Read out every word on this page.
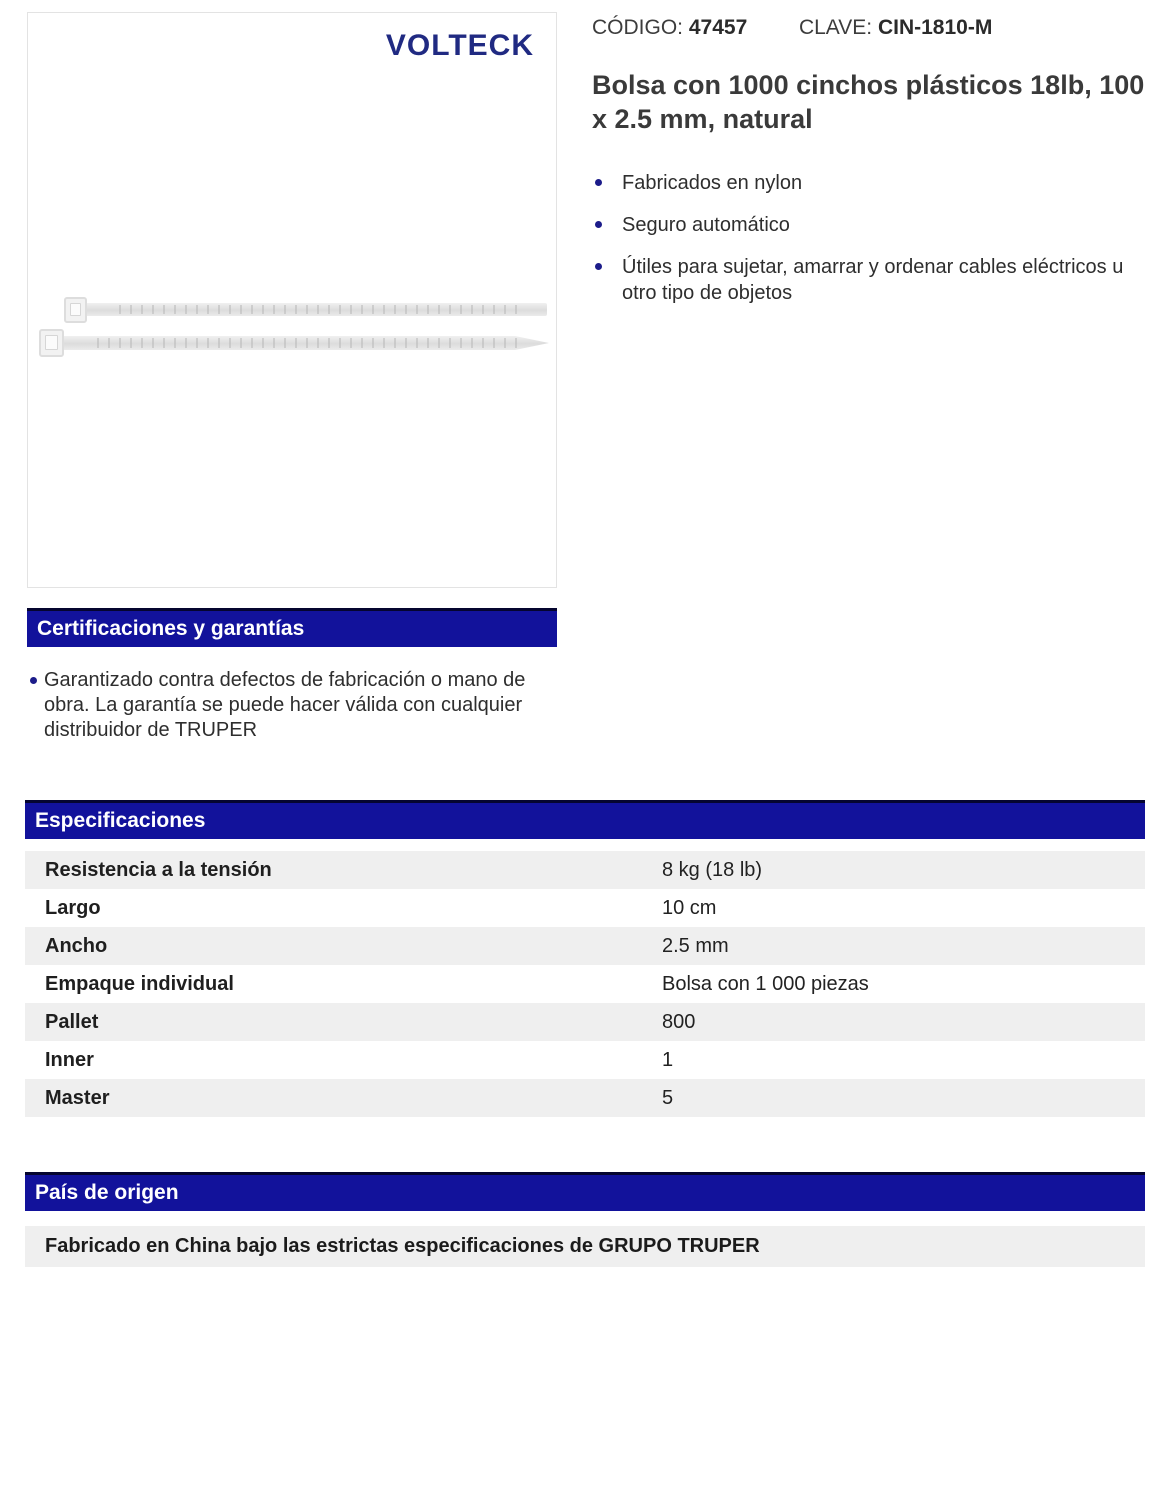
VOLTECK
CÓDIGO: 47457 CLAVE: CIN-1810-M
Bolsa con 1000 cinchos plásticos 18lb, 100 x 2.5 mm, natural
Fabricados en nylon
Seguro automático
Útiles para sujetar, amarrar y ordenar cables eléctricos u otro tipo de objetos
Certificaciones y garantías
Garantizado contra defectos de fabricación o mano de obra. La garantía se puede hacer válida con cualquier distribuidor de TRUPER
Especificaciones
Resistencia a la tensión	8 kg (18 lb)
Largo	10 cm
Ancho	2.5 mm
Empaque individual	Bolsa con 1 000 piezas
Pallet	800
Inner	1
Master	5
País de origen
Fabricado en China bajo las estrictas especificaciones de GRUPO TRUPER
